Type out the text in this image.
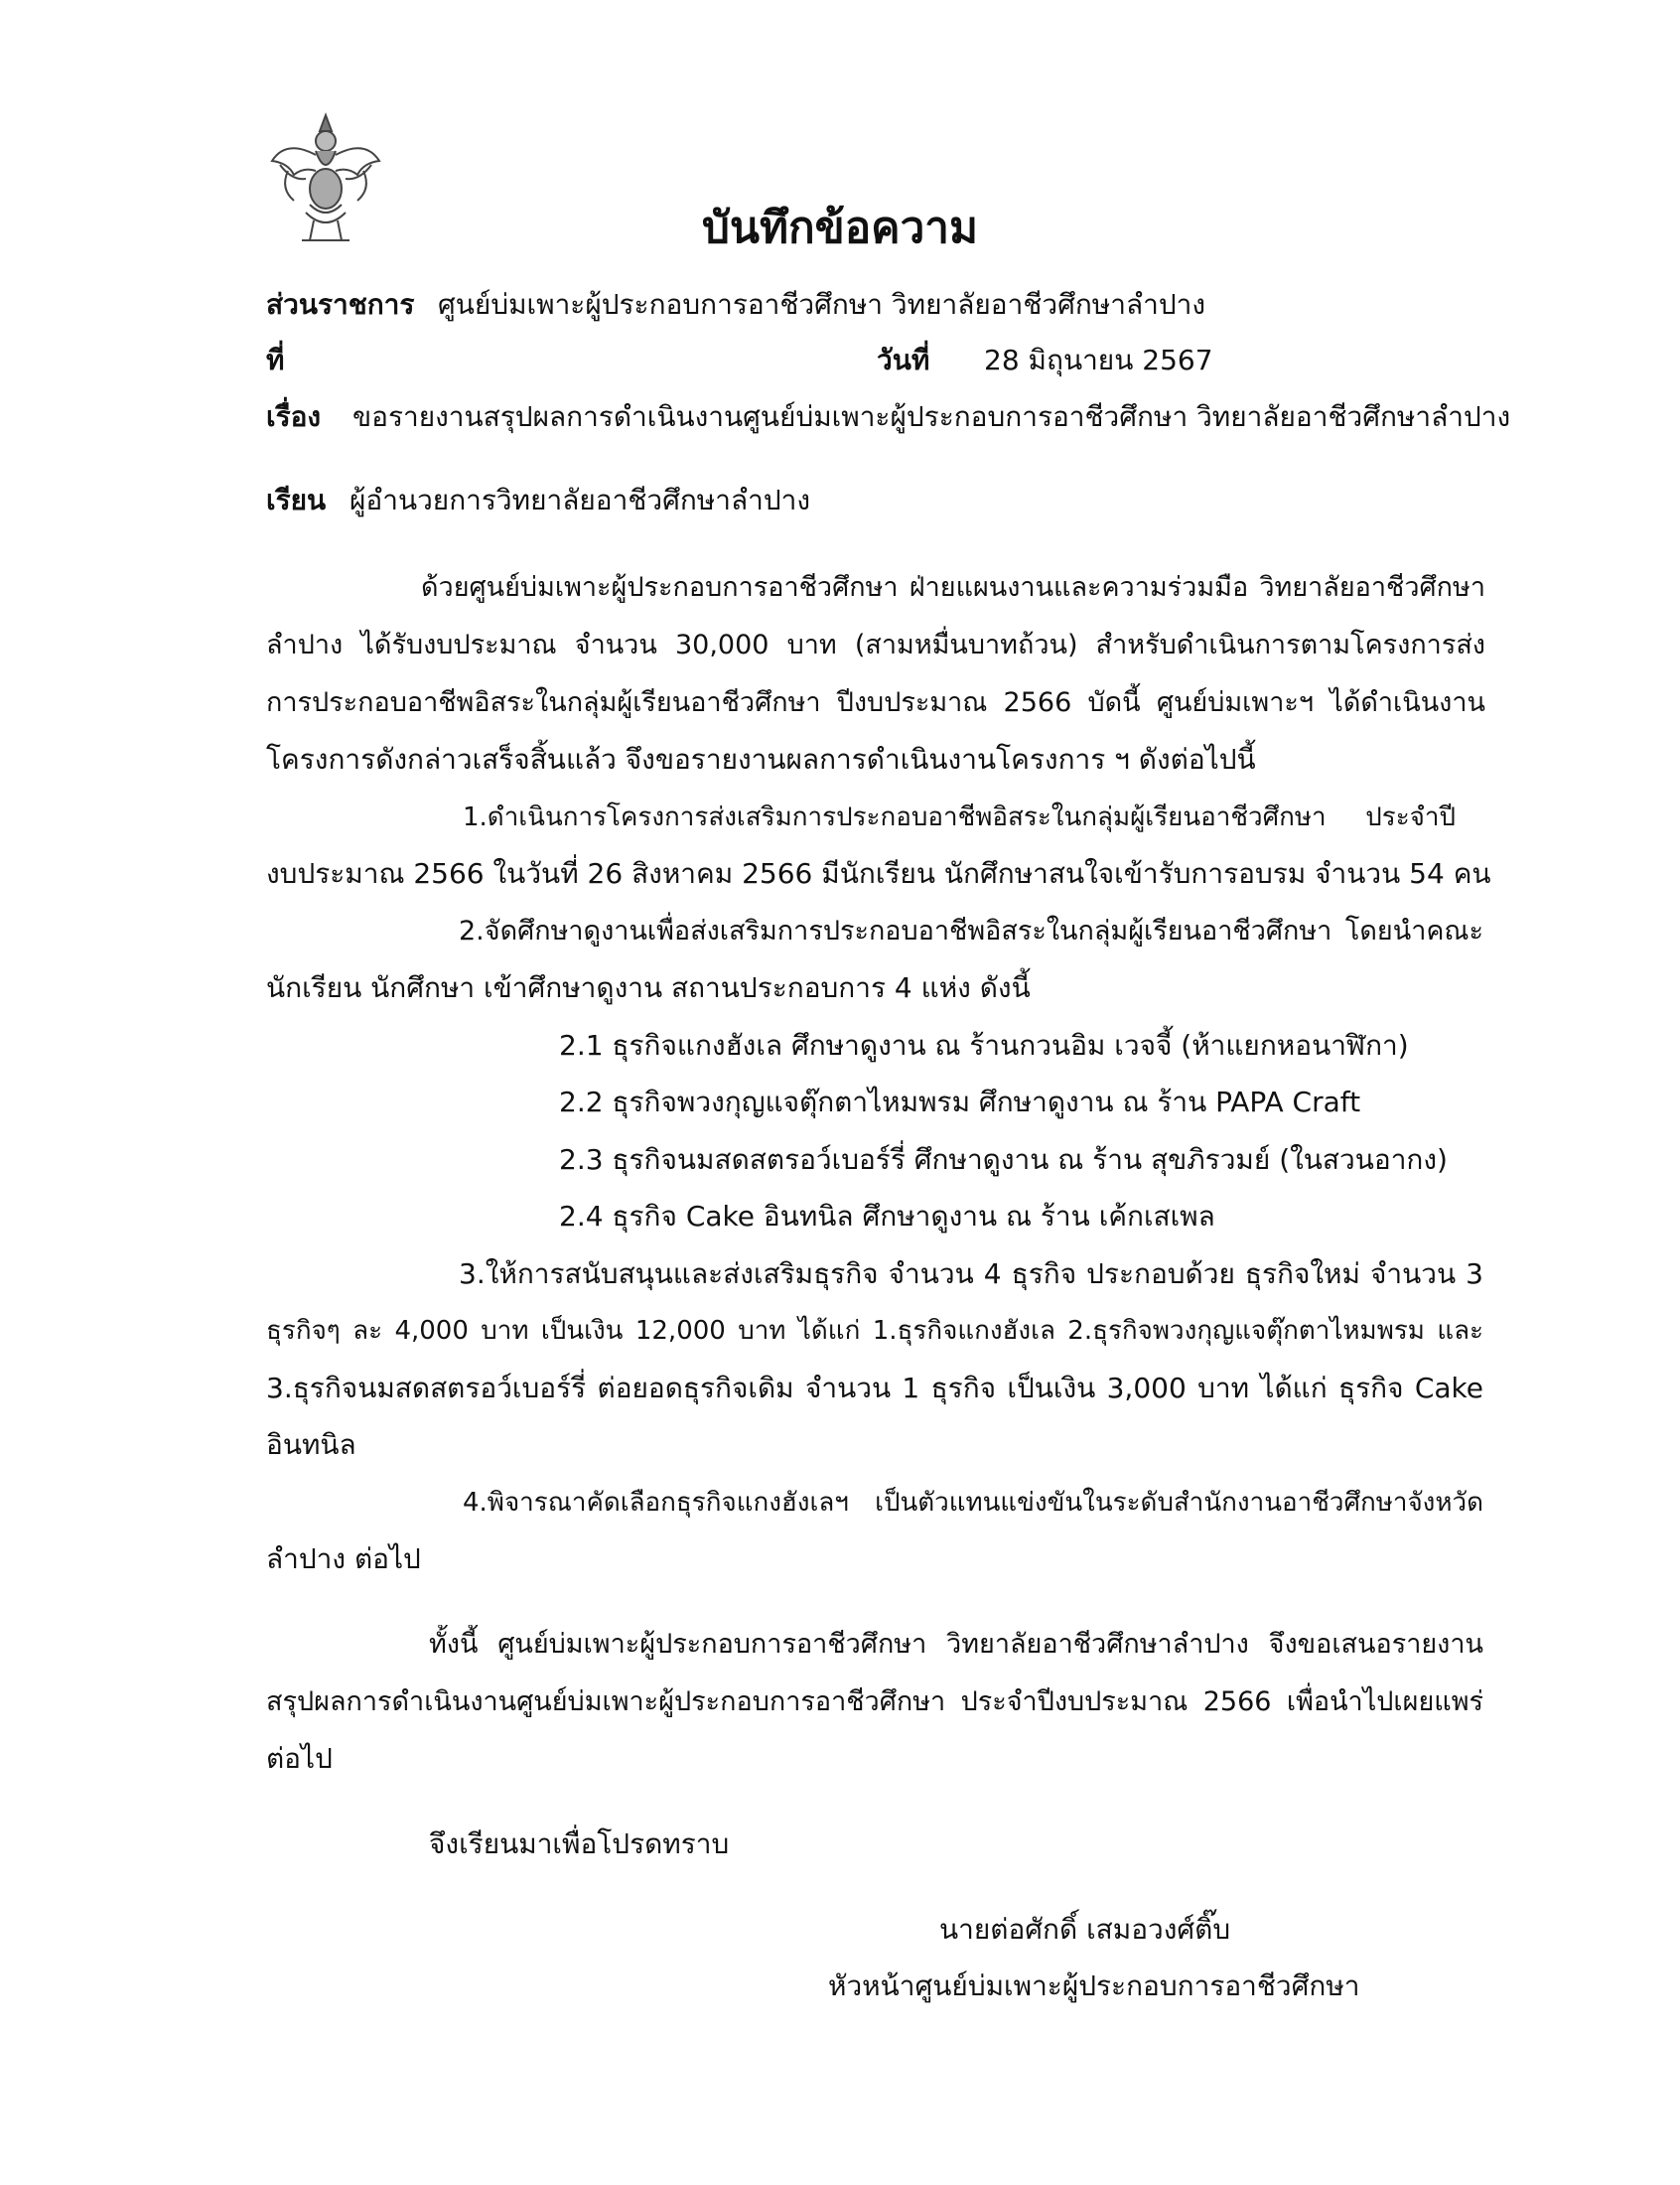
บันทึกข้อความ
ส่วนราชการ ศูนย์บ่มเพาะผู้ประกอบการอาชีวศึกษา วิทยาลัยอาชีวศึกษาลำปาง
ที่	วันที่ 28 มิถุนายน 2567
เรื่อง ขอรายงานสรุปผลการดำเนินงานศูนย์บ่มเพาะผู้ประกอบการอาชีวศึกษา วิทยาลัยอาชีวศึกษาลำปาง
เรียน ผู้อำนวยการวิทยาลัยอาชีวศึกษาลำปาง
ด้วยศูนย์บ่มเพาะผู้ประกอบการอาชีวศึกษา ฝ่ายแผนงานและความร่วมมือ วิทยาลัยอาชีวศึกษา
ลำปาง ได้รับงบประมาณ จำนวน 30,000 บาท (สามหมื่นบาทถ้วน) สำหรับดำเนินการตามโครงการส่ง
การประกอบอาชีพอิสระในกลุ่มผู้เรียนอาชีวศึกษา ปีงบประมาณ 2566 บัดนี้ ศูนย์บ่มเพาะฯ ได้ดำเนินงาน
โครงการดังกล่าวเสร็จสิ้นแล้ว จึงขอรายงานผลการดำเนินงานโครงการ ฯ ดังต่อไปนี้
1.ดำเนินการโครงการส่งเสริมการประกอบอาชีพอิสระในกลุ่มผู้เรียนอาชีวศึกษา ประจำปี
งบประมาณ 2566 ในวันที่ 26 สิงหาคม 2566 มีนักเรียน นักศึกษาสนใจเข้ารับการอบรม จำนวน 54 คน
2.จัดศึกษาดูงานเพื่อส่งเสริมการประกอบอาชีพอิสระในกลุ่มผู้เรียนอาชีวศึกษา โดยนำคณะ
นักเรียน นักศึกษา เข้าศึกษาดูงาน สถานประกอบการ 4 แห่ง ดังนี้
2.1 ธุรกิจแกงฮังเล ศึกษาดูงาน ณ ร้านกวนอิม เวจจี้ (ห้าแยกหอนาฬิกา)
2.2 ธุรกิจพวงกุญแจตุ๊กตาไหมพรม ศึกษาดูงาน ณ ร้าน PAPA Craft
2.3 ธุรกิจนมสดสตรอว์เบอร์รี่ ศึกษาดูงาน ณ ร้าน สุขภิรวมย์ (ในสวนอากง)
2.4 ธุรกิจ Cake อินทนิล ศึกษาดูงาน ณ ร้าน เค้กเสเพล
3.ให้การสนับสนุนและส่งเสริมธุรกิจ จำนวน 4 ธุรกิจ ประกอบด้วย ธุรกิจใหม่ จำนวน 3
ธุรกิจๆ ละ 4,000 บาท เป็นเงิน 12,000 บาท ได้แก่ 1.ธุรกิจแกงฮังเล 2.ธุรกิจพวงกุญแจตุ๊กตาไหมพรม และ
3.ธุรกิจนมสดสตรอว์เบอร์รี่ ต่อยอดธุรกิจเดิม จำนวน 1 ธุรกิจ เป็นเงิน 3,000 บาท ได้แก่ ธุรกิจ Cake
อินทนิล
4.พิจารณาคัดเลือกธุรกิจแกงฮังเลฯ เป็นตัวแทนแข่งขันในระดับสำนักงานอาชีวศึกษาจังหวัด
ลำปาง ต่อไป
ทั้งนี้ ศูนย์บ่มเพาะผู้ประกอบการอาชีวศึกษา วิทยาลัยอาชีวศึกษาลำปาง จึงขอเสนอรายงาน
สรุปผลการดำเนินงานศูนย์บ่มเพาะผู้ประกอบการอาชีวศึกษา ประจำปีงบประมาณ 2566 เพื่อนำไปเผยแพร่
ต่อไป
จึงเรียนมาเพื่อโปรดทราบ
นายต่อศักดิ์ เสมอวงศ์ติ๊บ
หัวหน้าศูนย์บ่มเพาะผู้ประกอบการอาชีวศึกษา
